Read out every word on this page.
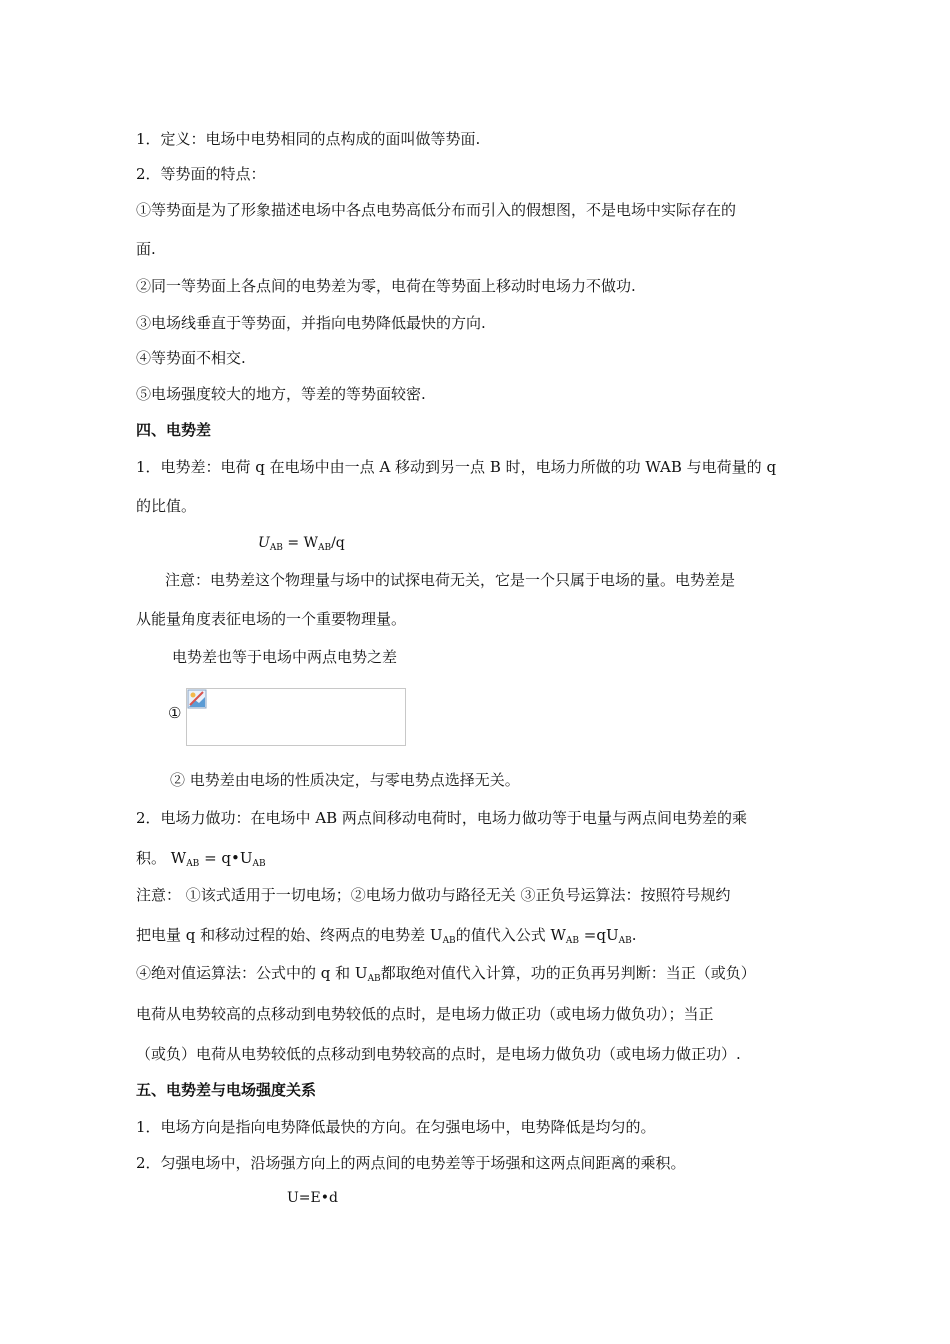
1．定义：电场中电势相同的点构成的面叫做等势面.
2．等势面的特点：
①等势面是为了形象描述电场中各点电势高低分布而引入的假想图，不是电场中实际存在的
面.
②同一等势面上各点间的电势差为零，电荷在等势面上移动时电场力不做功.
③电场线垂直于等势面，并指向电势降低最快的方向.
④等势面不相交.
⑤电场强度较大的地方，等差的等势面较密.
四、电势差
1．电势差：电荷 q 在电场中由一点 A 移动到另一点 B 时，电场力所做的功 WAB 与电荷量的 q
的比值。
$U_{AB} = W_{AB}/q$
注意：电势差这个物理量与场中的试探电荷无关，它是一个只属于电场的量。电势差是
从能量角度表征电场的一个重要物理量。
电势差也等于电场中两点电势之差
①
② 电势差由电场的性质决定，与零电势点选择无关。
2．电场力做功：在电场中 AB 两点间移动电荷时，电场力做功等于电量与两点间电势差的乘
积。 $W_{AB}$ = $q•U_{AB}$
注意： ①该式适用于一切电场；②电场力做功与路径无关 ③正负号运算法：按照符号规约
把电量 q 和移动过程的始、终两点的电势差 $U_{AB}$的值代入公式 $W_{AB} =qU_{AB}$.
④绝对值运算法：公式中的 q 和 $U_{AB}$都取绝对值代入计算，功的正负再另判断：当正（或负）
电荷从电势较高的点移动到电势较低的点时，是电场力做正功（或电场力做负功）；当正
（或负）电荷从电势较低的点移动到电势较高的点时，是电场力做负功（或电场力做正功）.
五、电势差与电场强度关系
1．电场方向是指向电势降低最快的方向。在匀强电场中，电势降低是均匀的。
2．匀强电场中，沿场强方向上的两点间的电势差等于场强和这两点间距离的乘积。
U=E•d
